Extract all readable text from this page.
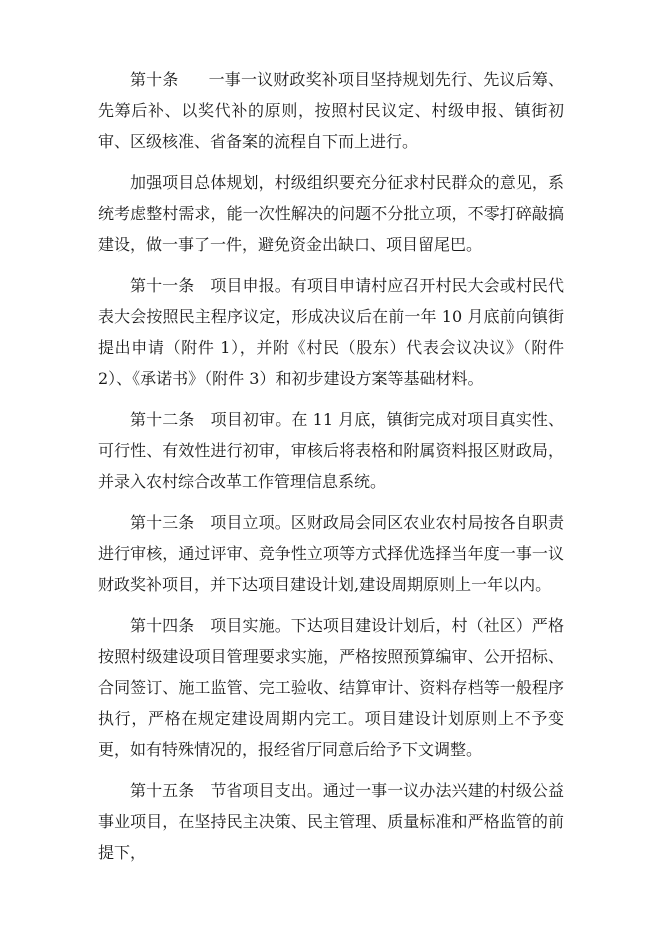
第十条 一事一议财政奖补项目坚持规划先行、先议后筹、先筹后补、以奖代补的原则，按照村民议定、村级申报、镇街初审、区级核准、省备案的流程自下而上进行。

加强项目总体规划，村级组织要充分征求村民群众的意见，系统考虑整村需求，能一次性解决的问题不分批立项，不零打碎敲搞建设，做一事了一件，避免资金出缺口、项目留尾巴。

第十一条 项目申报。有项目申请村应召开村民大会或村民代表大会按照民主程序议定，形成决议后在前一年 10 月底前向镇街提出申请（附件 1），并附《村民（股东）代表会议决议》（附件 2）、《承诺书》（附件 3）和初步建设方案等基础材料。

第十二条 项目初审。在 11 月底，镇街完成对项目真实性、可行性、有效性进行初审，审核后将表格和附属资料报区财政局，并录入农村综合改革工作管理信息系统。

第十三条 项目立项。区财政局会同区农业农村局按各自职责进行审核，通过评审、竞争性立项等方式择优选择当年度一事一议财政奖补项目，并下达项目建设计划,建设周期原则上一年以内。

第十四条 项目实施。下达项目建设计划后，村（社区）严格按照村级建设项目管理要求实施，严格按照预算编审、公开招标、合同签订、施工监管、完工验收、结算审计、资料存档等一般程序执行，严格在规定建设周期内完工。项目建设计划原则上不予变更，如有特殊情况的，报经省厅同意后给予下文调整。

第十五条 节省项目支出。通过一事一议办法兴建的村级公益事业项目，在坚持民主决策、民主管理、质量标准和严格监管的前提下，
